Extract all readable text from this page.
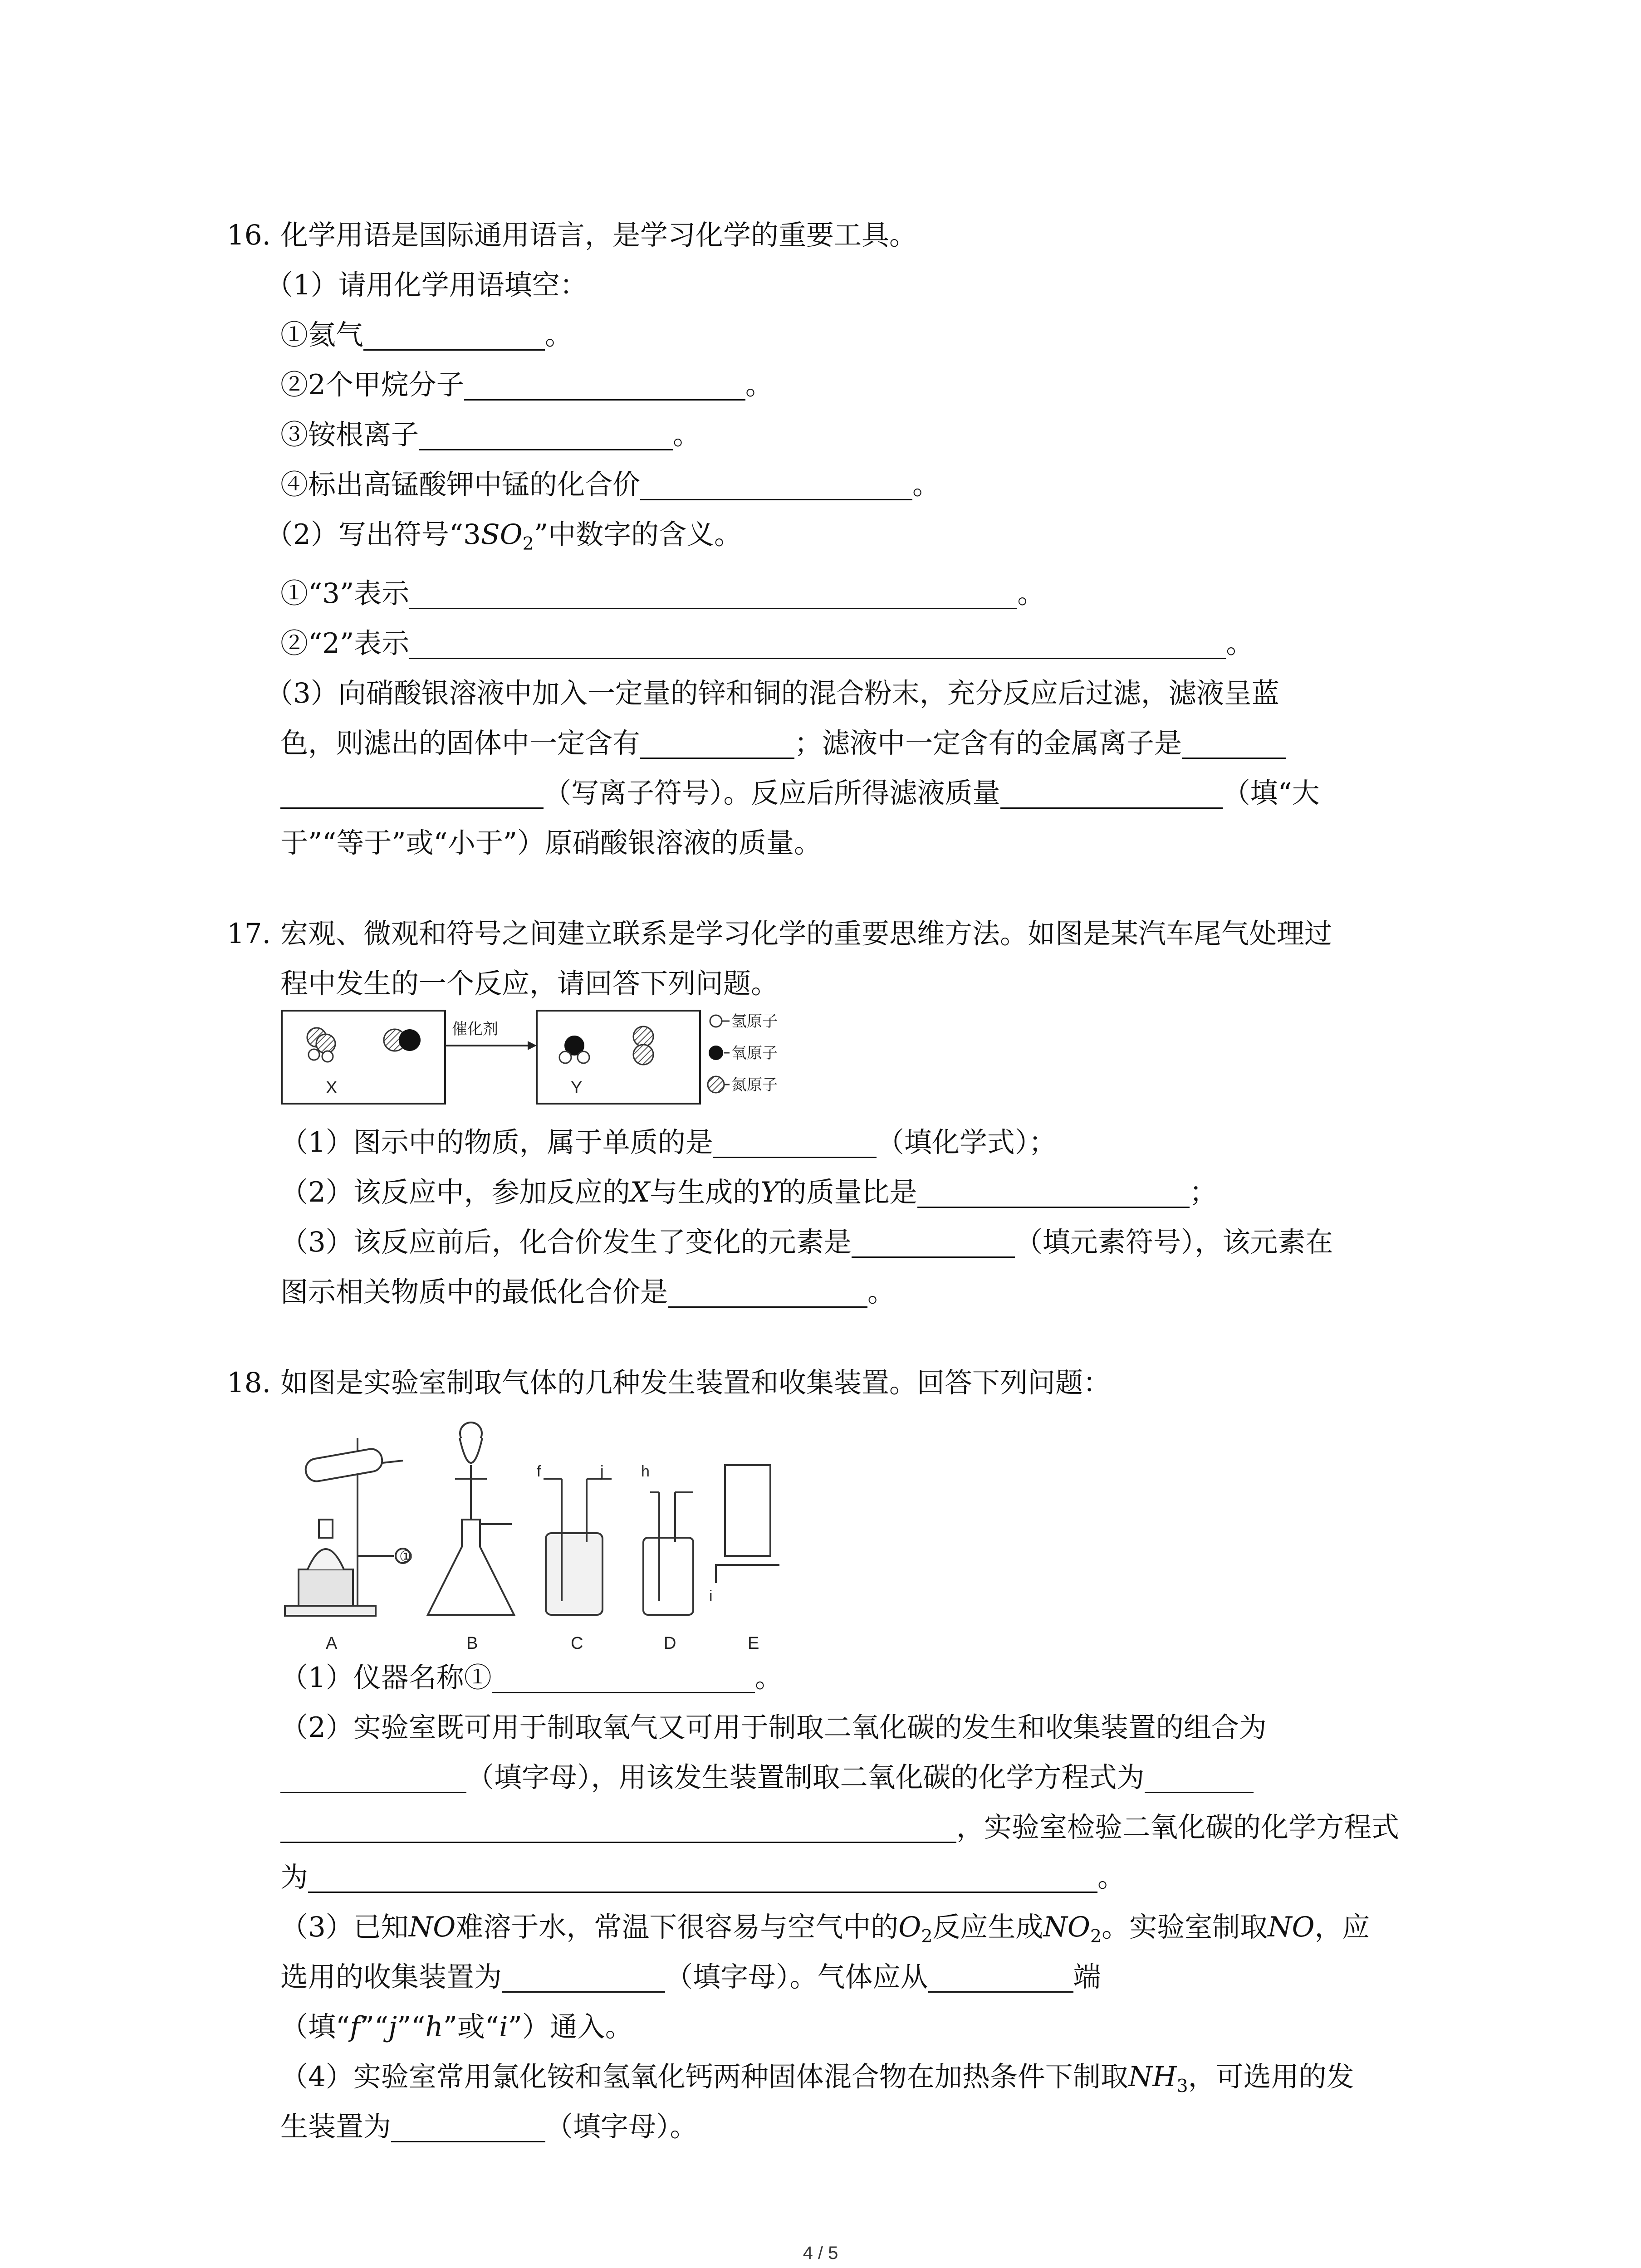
16. 化学用语是国际通用语言，是学习化学的重要工具。
（1）请用化学用语填空：
①氦气	。
②2个甲烷分子	。
③铵根离子	。
④标出高锰酸钾中锰的化合价	。
（2）写出符号“$3SO_2$”中数字的含义。
①“3”表示	。
②“2”表示	。
（3）向硝酸银溶液中加入一定量的锌和铜的混合粉末，充分反应后过滤，滤液呈蓝
色，则滤出的固体中一定含有	；滤液中一定含有的金属离子是
（写离子符号）。反应后所得滤液质量	（填“大
于”“等于”或“小于”）原硝酸银溶液的质量。
17. 宏观、微观和符号之间建立联系是学习化学的重要思维方法。如图是某汽车尾气处理过
程中发生的一个反应，请回答下列问题。
X
催化剂
Y
氢原子
氧原子
氮原子
（1）图示中的物质，属于单质的是	（填化学式）；
（2）该反应中，参加反应的X与生成的Y的质量比是	；
（3）该反应前后，化合价发生了变化的元素是	（填元素符号），该元素在
图示相关物质中的最低化合价是	。
18. 如图是实验室制取气体的几种发生装置和收集装置。回答下列问题：
A	B	C	D	E
f	j h
i
①
（1）仪器名称①	。
（2）实验室既可用于制取氧气又可用于制取二氧化碳的发生和收集装置的组合为
（填字母），用该发生装置制取二氧化碳的化学方程式为
，实验室检验二氧化碳的化学方程式
为	。
（3）已知NO难溶于水，常温下很容易与空气中的$O_2$反应生成$NO_2$。实验室制取NO，应
选用的收集装置为	（填字母）。气体应从	端
（填“f”“j”“h”或“i”）通入。
（4）实验室常用氯化铵和氢氧化钙两种固体混合物在加热条件下制取$NH_3$，可选用的发
生装置为	（填字母）。
4 / 5
